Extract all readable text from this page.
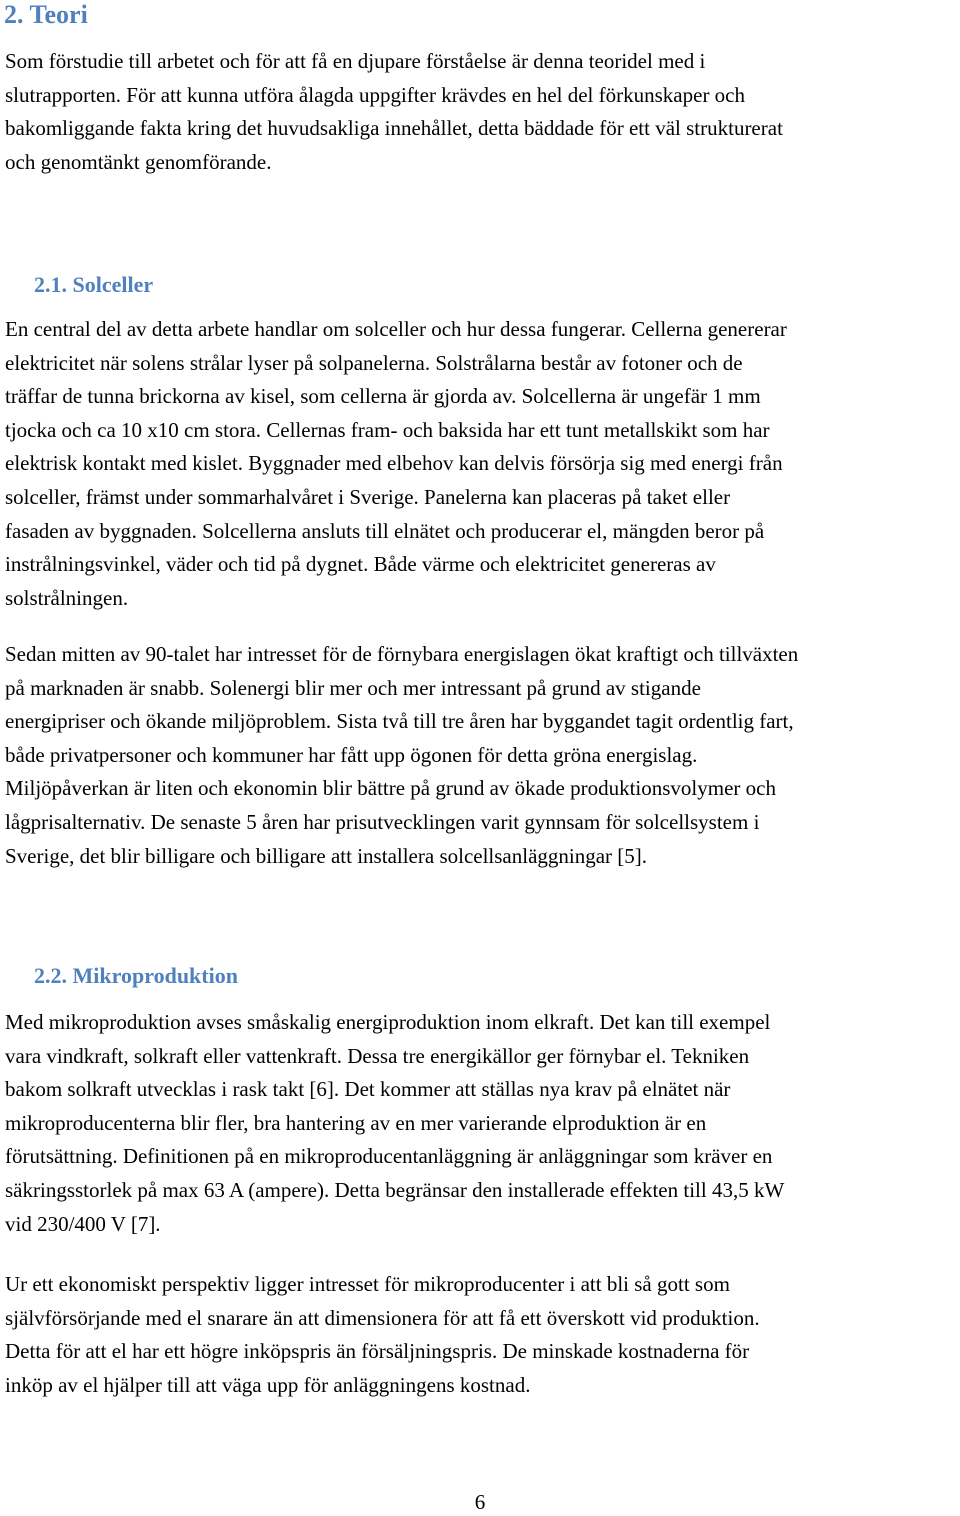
2. Teori

Som förstudie till arbetet och för att få en djupare förståelse är denna teoridel med i
slutrapporten. För att kunna utföra ålagda uppgifter krävdes en hel del förkunskaper och
bakomliggande fakta kring det huvudsakliga innehållet, detta bäddade för ett väl strukturerat
och genomtänkt genomförande.

2.1. Solceller

En central del av detta arbete handlar om solceller och hur dessa fungerar. Cellerna genererar
elektricitet när solens strålar lyser på solpanelerna. Solstrålarna består av fotoner och de
träffar de tunna brickorna av kisel, som cellerna är gjorda av. Solcellerna är ungefär 1 mm
tjocka och ca 10 x10 cm stora. Cellernas fram- och baksida har ett tunt metallskikt som har
elektrisk kontakt med kislet. Byggnader med elbehov kan delvis försörja sig med energi från
solceller, främst under sommarhalvåret i Sverige. Panelerna kan placeras på taket eller
fasaden av byggnaden. Solcellerna ansluts till elnätet och producerar el, mängden beror på
instrålningsvinkel, väder och tid på dygnet. Både värme och elektricitet genereras av
solstrålningen.

Sedan mitten av 90-talet har intresset för de förnybara energislagen ökat kraftigt och tillväxten
på marknaden är snabb. Solenergi blir mer och mer intressant på grund av stigande
energipriser och ökande miljöproblem. Sista två till tre åren har byggandet tagit ordentlig fart,
både privatpersoner och kommuner har fått upp ögonen för detta gröna energislag.
Miljöpåverkan är liten och ekonomin blir bättre på grund av ökade produktionsvolymer och
lågprisalternativ. De senaste 5 åren har prisutvecklingen varit gynnsam för solcellsystem i
Sverige, det blir billigare och billigare att installera solcellsanläggningar [5].

2.2. Mikroproduktion

Med mikroproduktion avses småskalig energiproduktion inom elkraft. Det kan till exempel
vara vindkraft, solkraft eller vattenkraft. Dessa tre energikällor ger förnybar el. Tekniken
bakom solkraft utvecklas i rask takt [6]. Det kommer att ställas nya krav på elnätet när
mikroproducenterna blir fler, bra hantering av en mer varierande elproduktion är en
förutsättning. Definitionen på en mikroproducentanläggning är anläggningar som kräver en
säkringsstorlek på max 63 A (ampere). Detta begränsar den installerade effekten till 43,5 kW
vid 230/400 V [7].

Ur ett ekonomiskt perspektiv ligger intresset för mikroproducenter i att bli så gott som
självförsörjande med el snarare än att dimensionera för att få ett överskott vid produktion.
Detta för att el har ett högre inköpspris än försäljningspris. De minskade kostnaderna för
inköp av el hjälper till att väga upp för anläggningens kostnad.

6
